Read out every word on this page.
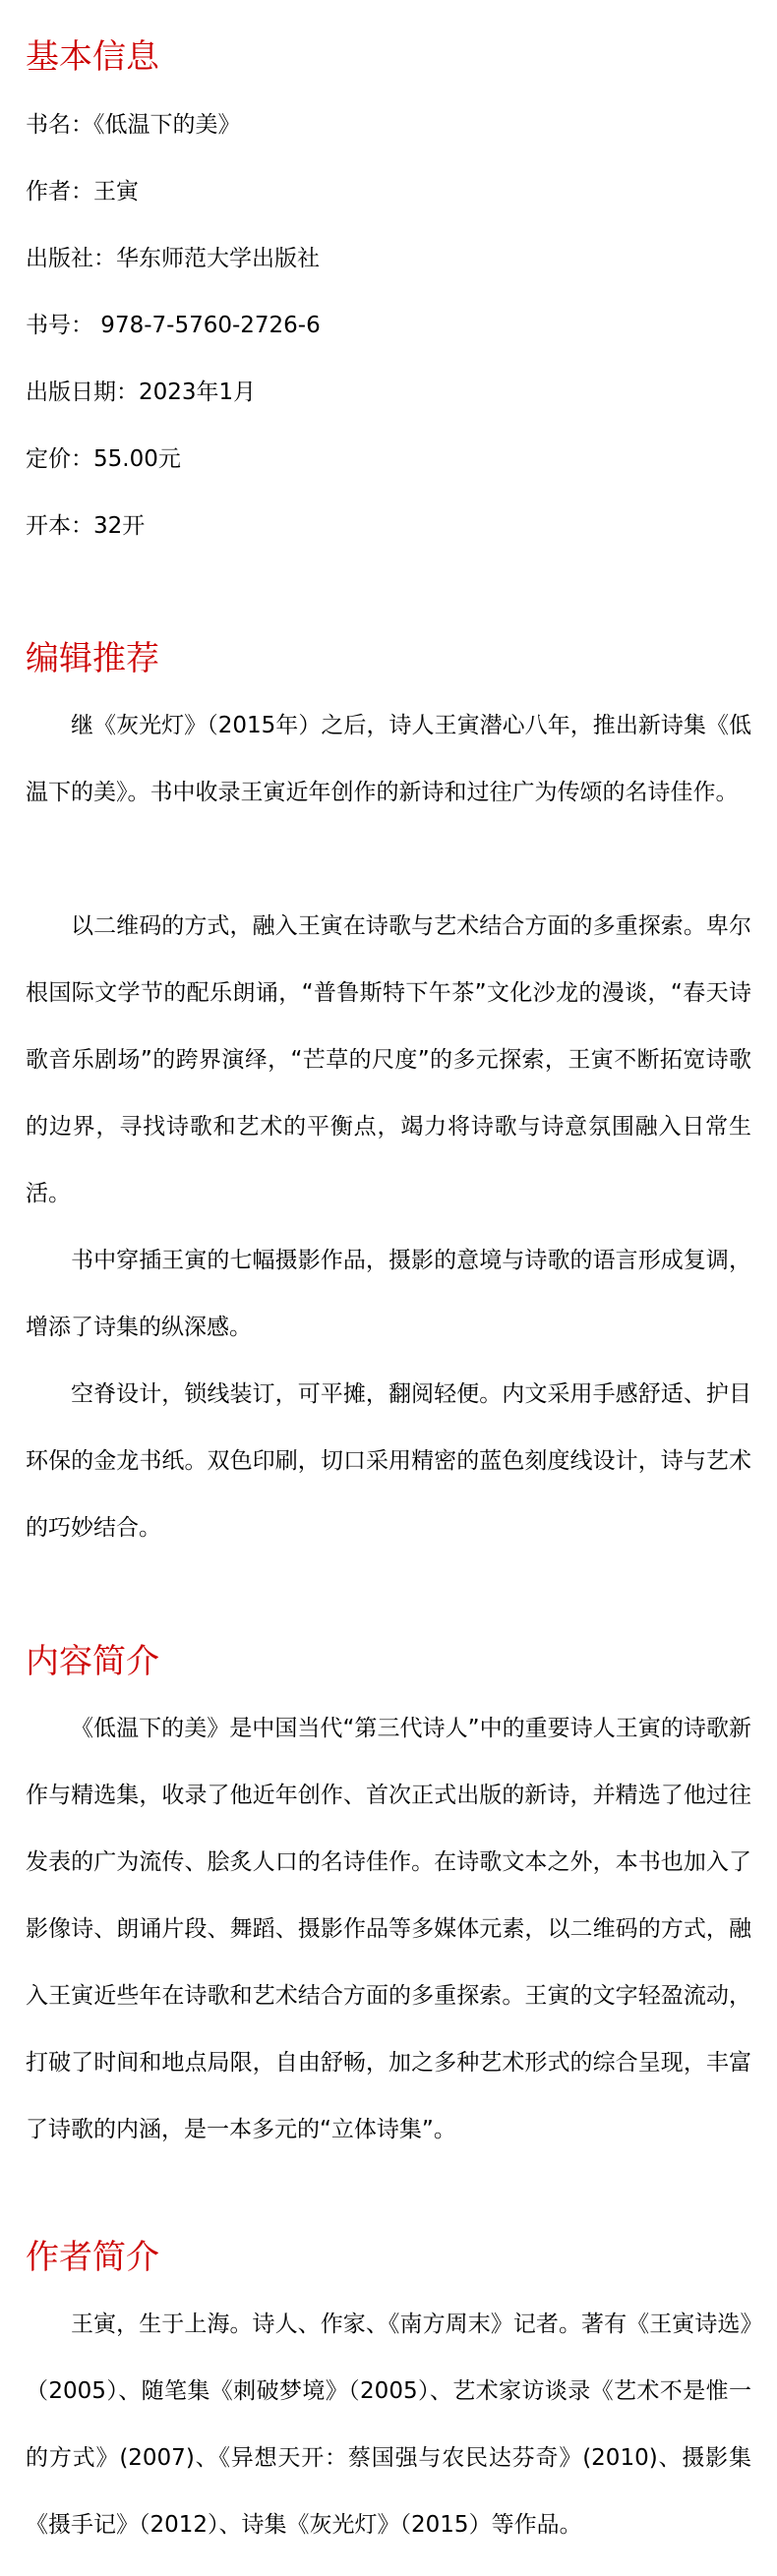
基本信息

书名：《低温下的美》

作者：王寅

出版社：华东师范大学出版社

书号： 978-7-5760-2726-6

出版日期：2023年1月

定价：55.00元

开本：32开

编辑推荐

继《灰光灯》（2015年）之后，诗人王寅潜心八年，推出新诗集《低温下的美》。书中收录王寅近年创作的新诗和过往广为传颂的名诗佳作。

以二维码的方式，融入王寅在诗歌与艺术结合方面的多重探索。卑尔根国际文学节的配乐朗诵，“普鲁斯特下午茶”文化沙龙的漫谈，“春天诗歌音乐剧场”的跨界演绎，“芒草的尺度”的多元探索，王寅不断拓宽诗歌的边界，寻找诗歌和艺术的平衡点，竭力将诗歌与诗意氛围融入日常生活。

书中穿插王寅的七幅摄影作品，摄影的意境与诗歌的语言形成复调，增添了诗集的纵深感。

空脊设计，锁线装订，可平摊，翻阅轻便。内文采用手感舒适、护目环保的金龙书纸。双色印刷，切口采用精密的蓝色刻度线设计，诗与艺术的巧妙结合。

内容简介

《低温下的美》是中国当代“第三代诗人”中的重要诗人王寅的诗歌新作与精选集，收录了他近年创作、首次正式出版的新诗，并精选了他过往发表的广为流传、脍炙人口的名诗佳作。在诗歌文本之外，本书也加入了影像诗、朗诵片段、舞蹈、摄影作品等多媒体元素，以二维码的方式，融入王寅近些年在诗歌和艺术结合方面的多重探索。王寅的文字轻盈流动，打破了时间和地点局限，自由舒畅，加之多种艺术形式的综合呈现，丰富了诗歌的内涵，是一本多元的“立体诗集”。

作者简介

王寅，生于上海。诗人、作家、《南方周末》记者。著有《王寅诗选》（2005）、随笔集《刺破梦境》（2005）、艺术家访谈录《艺术不是惟一的方式》(2007)、《异想天开：蔡国强与农民达芬奇》(2010)、摄影集《摄手记》（2012）、诗集《灰光灯》（2015）等作品。
